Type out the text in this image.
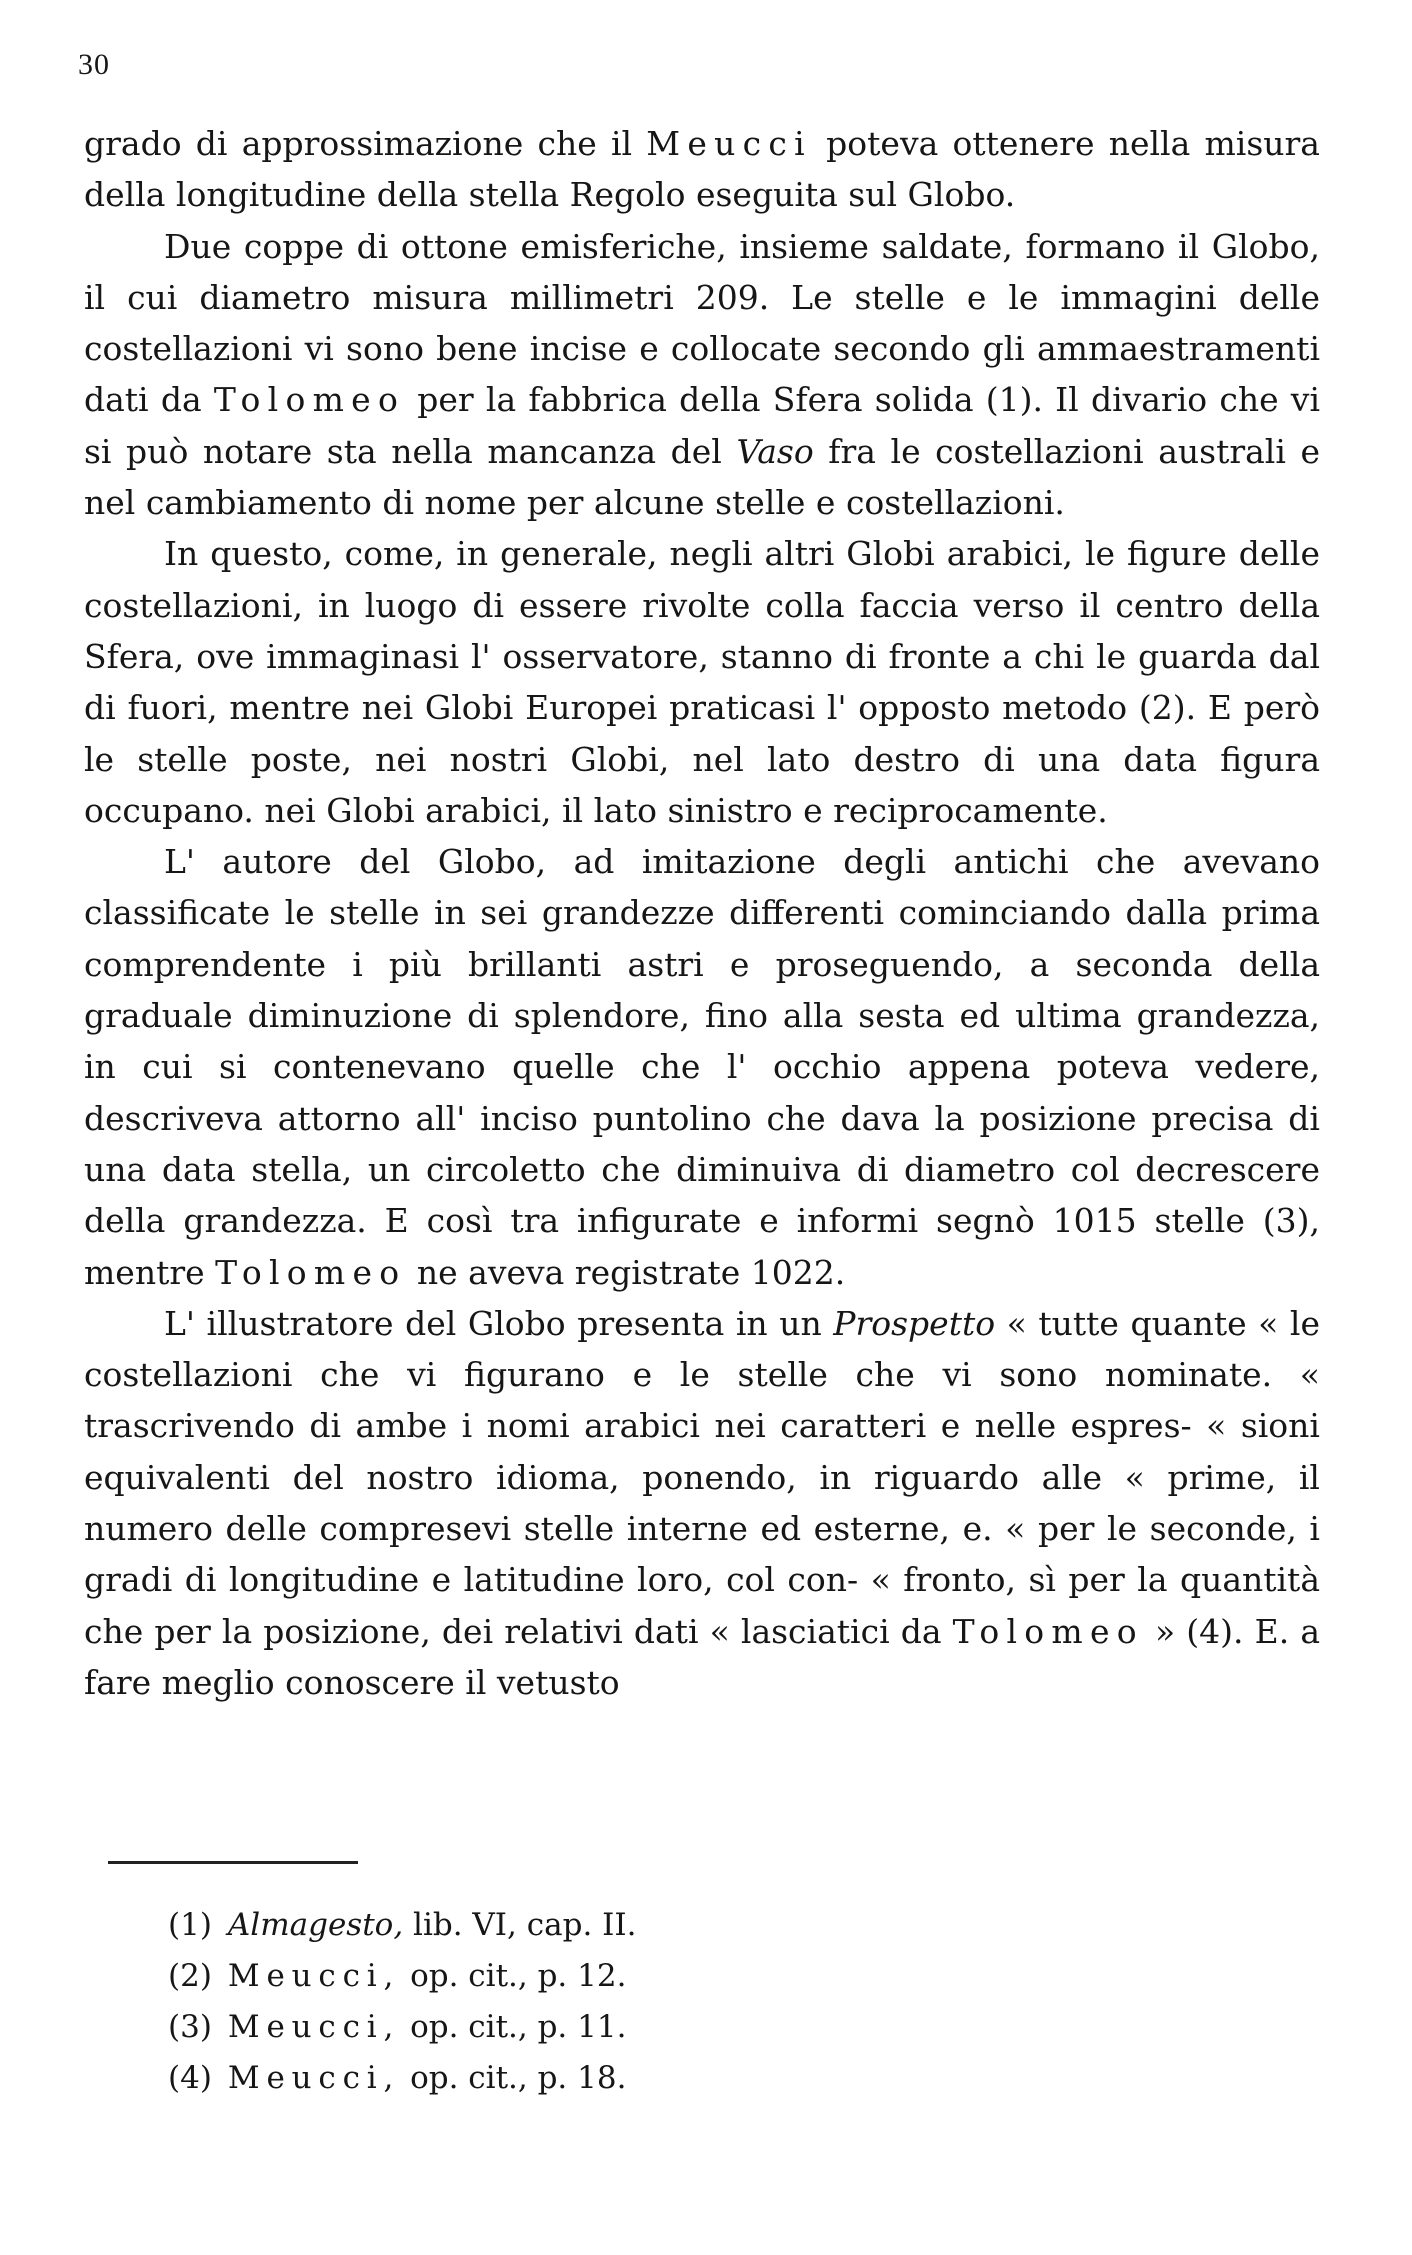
30

grado di approssimazione che il Meucci poteva ottenere nella misura della longitudine della stella Regolo eseguita sul Globo.

Due coppe di ottone emisferiche, insieme saldate, formano il Globo, il cui diametro misura millimetri 209. Le stelle e le immagini delle costellazioni vi sono bene incise e collocate secondo gli ammaestramenti dati da Tolomeo per la fabbrica della Sfera solida (1). Il divario che vi si può notare sta nella mancanza del Vaso fra le costellazioni australi e nel cambiamento di nome per alcune stelle e costellazioni.

In questo, come, in generale, negli altri Globi arabici, le figure delle costellazioni, in luogo di essere rivolte colla faccia verso il centro della Sfera, ove immaginasi l' osservatore, stanno di fronte a chi le guarda dal di fuori, mentre nei Globi Europei praticasi l' opposto metodo (2). E però le stelle poste, nei nostri Globi, nel lato destro di una data figura occupano. nei Globi arabici, il lato sinistro e reciprocamente.

L' autore del Globo, ad imitazione degli antichi che avevano classificate le stelle in sei grandezze differenti cominciando dalla prima comprendente i più brillanti astri e proseguendo, a seconda della graduale diminuzione di splendore, fino alla sesta ed ultima grandezza, in cui si contenevano quelle che l' occhio appena poteva vedere, descriveva attorno all' inciso puntolino che dava la posizione precisa di una data stella, un circoletto che diminuiva di diametro col decrescere della grandezza. E così tra infigurate e informi segnò 1015 stelle (3), mentre Tolomeo ne aveva registrate 1022.

L' illustratore del Globo presenta in un Prospetto « tutte quante « le costellazioni che vi figurano e le stelle che vi sono nominate. « trascrivendo di ambe i nomi arabici nei caratteri e nelle espres- « sioni equivalenti del nostro idioma, ponendo, in riguardo alle « prime, il numero delle compresevi stelle interne ed esterne, e. « per le seconde, i gradi di longitudine e latitudine loro, col con- « fronto, sì per la quantità che per la posizione, dei relativi dati « lasciatici da Tolomeo » (4). E. a fare meglio conoscere il vetusto

(1) Almagesto, lib. VI, cap. II.
(2) Meucci, op. cit., p. 12.
(3) Meucci, op. cit., p. 11.
(4) Meucci, op. cit., p. 18.
